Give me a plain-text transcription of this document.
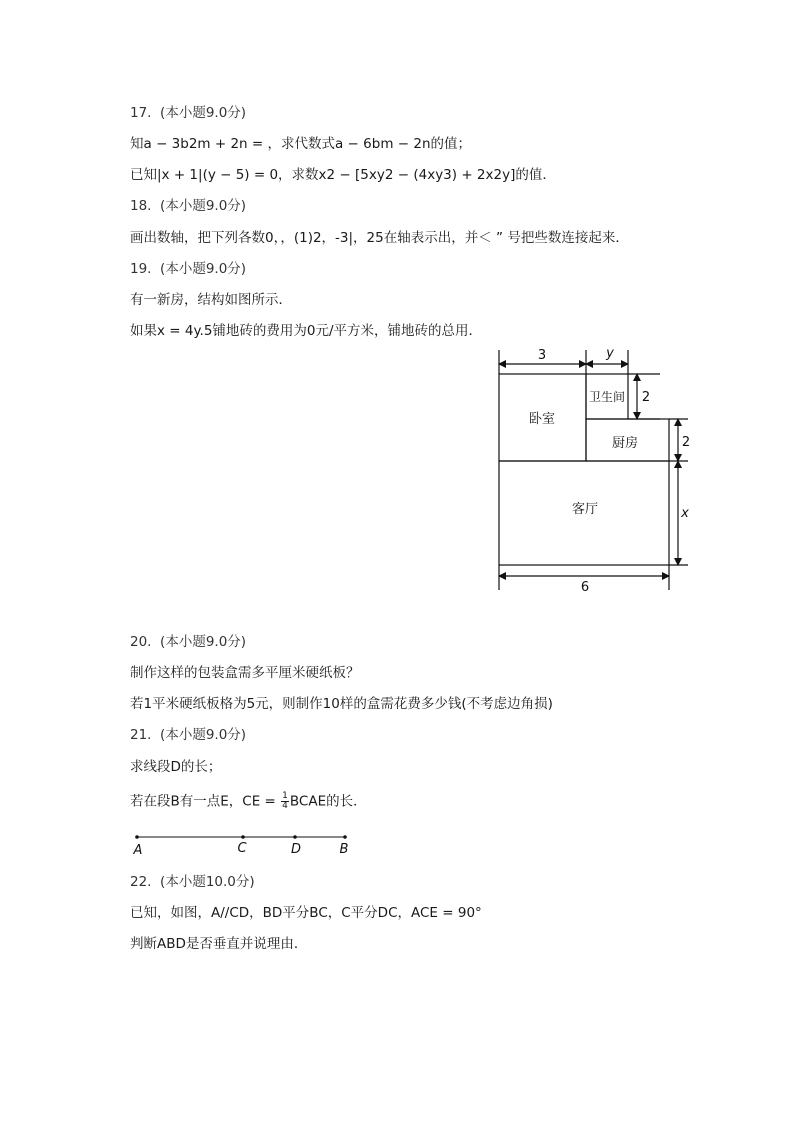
17.  (本小题9.0分)
知a − 3b2m + 2n = ，求代数式a − 6bm − 2n的值；
已知|x + 1|(y − 5) = 0，求数x2 − [5xy2 − (4xy3) + 2x2y]的值．
18.  (本小题9.0分)
画出数轴，把下列各数0，，(1)2，-3|，25在轴表示出，并＜ ” 号把些数连接起来．
19.  (本小题9.0分)
有一新房，结构如图所示．
如果x = 4y.5铺地砖的费用为0元/平方米，铺地砖的总用．
3	y
2
2
x
6
卧室
卫生间
厨房
客厅
20.  (本小题9.0分)
制作这样的包装盒需多平厘米硬纸板？
若1平米硬纸板格为5元，则制作10样的盒需花费多少钱(不考虑边角损)
21.  (本小题9.0分)
求线段D的长；
若在段B有一点E，CE = $\frac{1}{4}$ BCAE的长．
A	C	D	B
22.  (本小题10.0分)
已知，如图，A//CD，BD平分BC，C平分DC，ACE = 90°
判断ABD是否垂直并说理由．
